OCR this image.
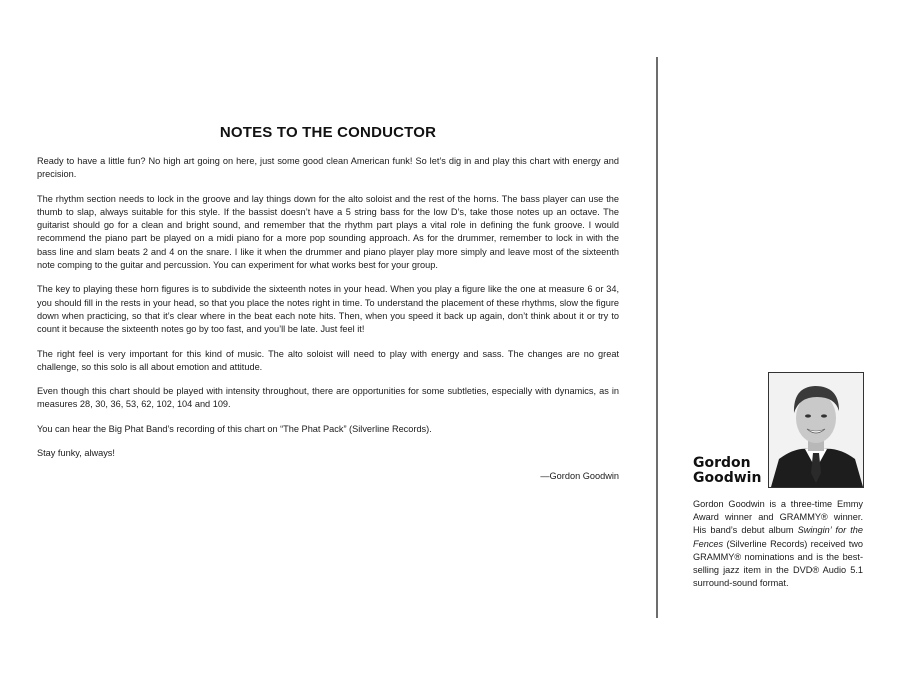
NOTES TO THE CONDUCTOR

Ready to have a little fun? No high art going on here, just some good clean American funk! So let’s dig in and play this chart with energy and precision.

The rhythm section needs to lock in the groove and lay things down for the alto soloist and the rest of the horns. The bass player can use the thumb to slap, always suitable for this style. If the bassist doesn’t have a 5 string bass for the low D’s, take those notes up an octave. The guitarist should go for a clean and bright sound, and remember that the rhythm part plays a vital role in defining the funk groove. I would recommend the piano part be played on a midi piano for a more pop sounding approach. As for the drummer, remember to lock in with the bass line and slam beats 2 and 4 on the snare. I like it when the drummer and piano player play more simply and leave most of the sixteenth note comping to the guitar and percussion. You can experiment for what works best for your group.

The key to playing these horn figures is to subdivide the sixteenth notes in your head. When you play a figure like the one at measure 6 or 34, you should fill in the rests in your head, so that you place the notes right in time. To understand the placement of these rhythms, slow the figure down when practicing, so that it’s clear where in the beat each note hits. Then, when you speed it back up again, don’t think about it or try to count it because the sixteenth notes go by too fast, and you’ll be late. Just feel it!

The right feel is very important for this kind of music. The alto soloist will need to play with energy and sass. The changes are no great challenge, so this solo is all about emotion and attitude.

Even though this chart should be played with intensity throughout, there are opportunities for some subtleties, especially with dynamics, as in measures 28, 30, 36, 53, 62, 102, 104 and 109.

You can hear the Big Phat Band’s recording of this chart on “The Phat Pack” (Silverline Records).

Stay funky, always!

—Gordon Goodwin
Gordon
Goodwin
Gordon Goodwin is a three-time Emmy Award winner and GRAMMY® winner. His band’s debut album Swingin’ for the Fences (Silverline Records) received two GRAMMY® nominations and is the best-selling jazz item in the DVD® Audio 5.1 surround-sound format.
